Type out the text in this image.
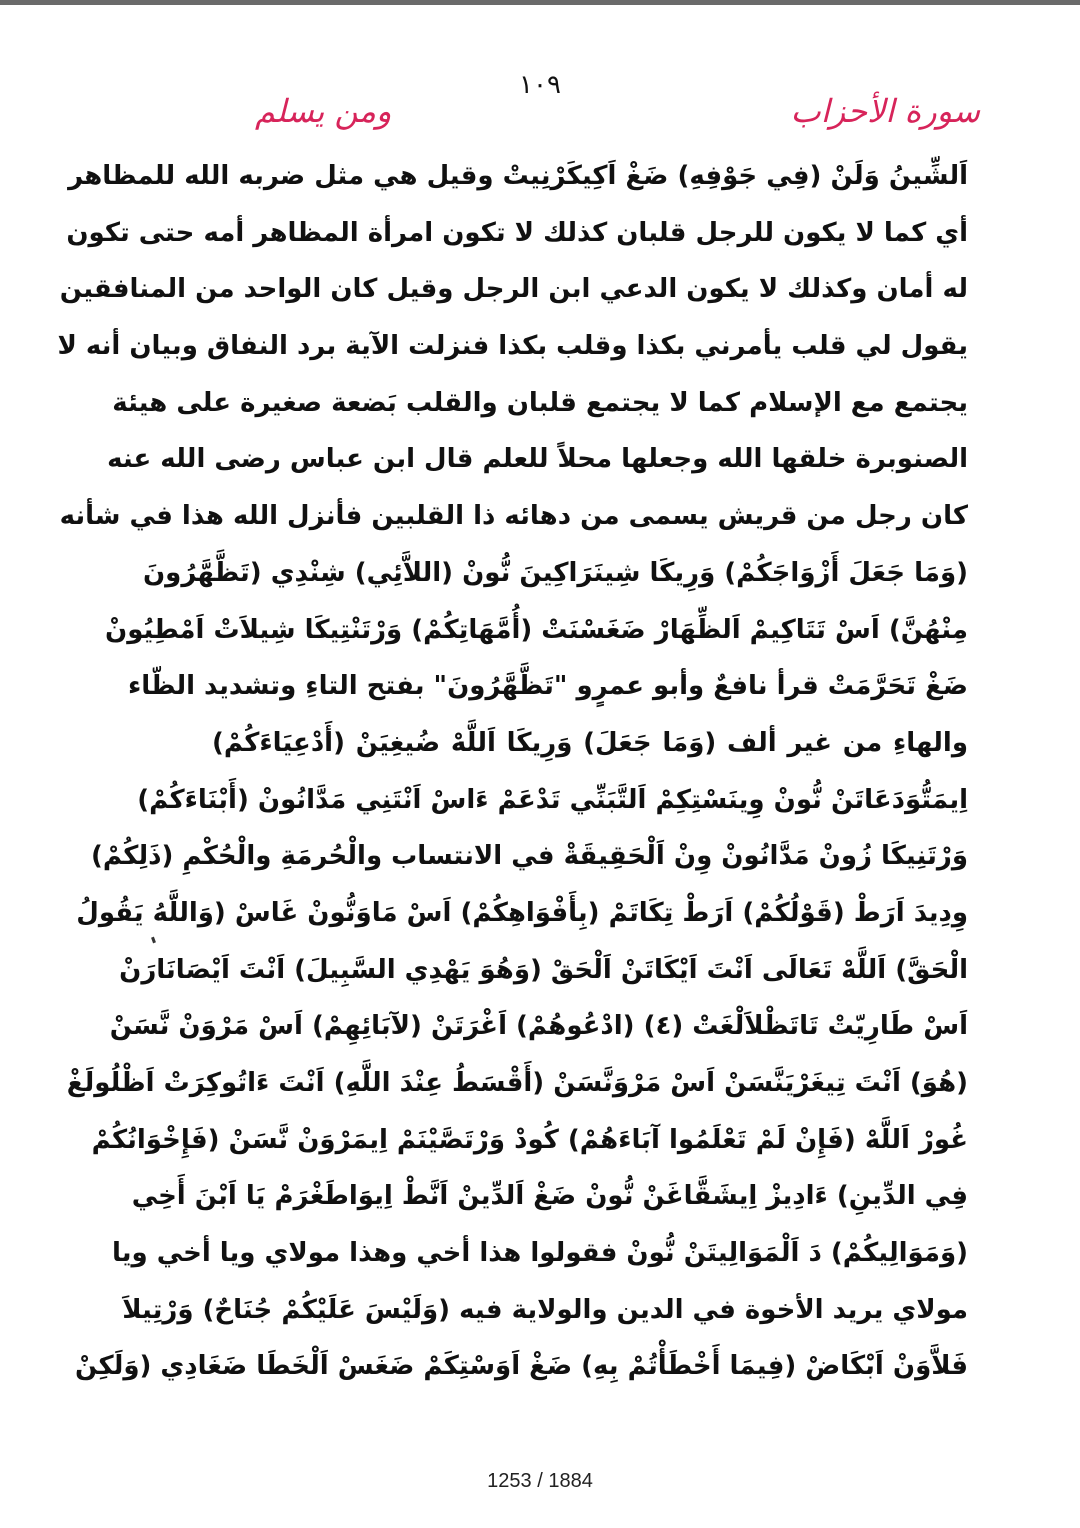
١٠٩
سورة الأحزاب
ومن يسلم
اَلشِّينُ وَلَنْ (فِي جَوْفِهِ) ضَغْ اَكِيكَرْنِيتْ وقيل هي مثل ضربه الله للمظاهر
أي كما لا يكون للرجل قلبان كذلك لا تكون امرأة المظاهر أمه حتى تكون
له أمان وكذلك لا يكون الدعي ابن الرجل وقيل كان الواحد من المنافقين
يقول لي قلب يأمرني بكذا وقلب بكذا فنزلت الآية برد النفاق وبيان أنه لا
يجتمع مع الإسلام كما لا يجتمع قلبان والقلب بَضعة صغيرة على هيئة
الصنوبرة خلقها الله وجعلها محلاً للعلم قال ابن عباس رضى الله عنه
كان رجل من قريش يسمى من دهائه ذا القلبين فأنزل الله هذا في شأنه
(وَمَا جَعَلَ أَزْوَاجَكُمْ) وَرِيكَا شِينَرَاكِينَ نُّونْ (اللاَّئِي) شِنْدِي (تَظَّهَّرُونَ
مِنْهُنَّ) اَسْ تَتَاكِيمْ اَلظِّهَارْ ضَغَسْنَتْ (أُمَّهَاتِكُمْ) وَرْتَنْتِيكَا شِيلاَتْ اَمْطِيُونْ
ضَغْ تَحَرَّمَتْ قرأ نافعٌ وأبو عمرٍو "تَظَّهَّرُونَ" بفتح التاءِ وتشديد الظّاء
والهاءِ من غير ألف (وَمَا جَعَلَ) وَرِيكَا اَللَّهْ ضُيغِيَنْ (أَدْعِيَاءَكُمْ)
اِيمَتُّوَدَعَاتَنْ نُّونْ وِينَسْتِكِمْ اَلتَّبَنِّي تَدْعَمْ ءَاسْ اَنْتَنِي مَدَّانُونْ (أَبْنَاءَكُمْ)
وَرْتَنِيكَا زُونْ مَدَّانُونْ وِنْ اَلْحَقِيقَةْ في الانتساب والْحُرمَةِ والْحُكْمِ (ذَلِكُمْ)
وِدِيدَ اَرَطْ (قَوْلُكُمْ) اَرَطْ تِكَاتَمْ (بِأَفْوَاهِكُمْ) اَسْ مَاوَنُّونْ غَاسْ (وَاللَّهُ يَقُولُ
الْحَقَّ) اَللَّهْ تَعَالَى اَنْتَ اَيْكَاتَنْ اَلْحَقْ (وَهُوَ يَهْدِي السَّبِيلَ) اَنْتَ اَيْصَانَارَنْ
اَسْ طَارِيّتْ تَاتَظْلاَلْغَتْ (٤) (ادْعُوهُمْ) اَغْرَتَنْ (لآبَائِهِمْ) اَسْ مَرْوَنْ نَّسَنْ
(هُوَ) اَنْتَ تِيغَرْيَنَّسَنْ اَسْ مَرْوَنَّسَنْ (أَقْسَطُ عِنْدَ اللَّهِ) اَنْتَ ءَاتُوكِرَتْ اَظْلُولَغْ
غُورْ اَللَّهْ (فَإِنْ لَمْ تَعْلَمُوا آبَاءَهُمْ) كُودْ وَرْتَصَّيْنَمْ اِيمَرْوَنْ نَّسَنْ (فَإِخْوَانُكُمْ
فِي الدِّينِ) ءَادِيزْ اِيشَقَّاغَنْ نُّونْ ضَغْ اَلدِّينْ اَنَّطْ اِيوَاطَغْرَمْ يَا اَبْنَ أَخِي
(وَمَوَالِيكُمْ) دَ اَلْمَوَالِيتَنْ نُّونْ فقولوا هذا أخي وهذا مولاي ويا أخي ويا
مولاي يريد الأخوة في الدين والولاية فيه (وَلَيْسَ عَلَيْكُمْ جُنَاحٌ) وَرْتِيلاَ
فَلاَّوَنْ اَبْكَاضْ (فِيمَا أَخْطَأْتُمْ بِهِ) ضَغْ اَوَسْتِكَمْ ضَغَسْ اَلْخَطَا ضَغَادِي (وَلَكِنْ
1253 / 1884
